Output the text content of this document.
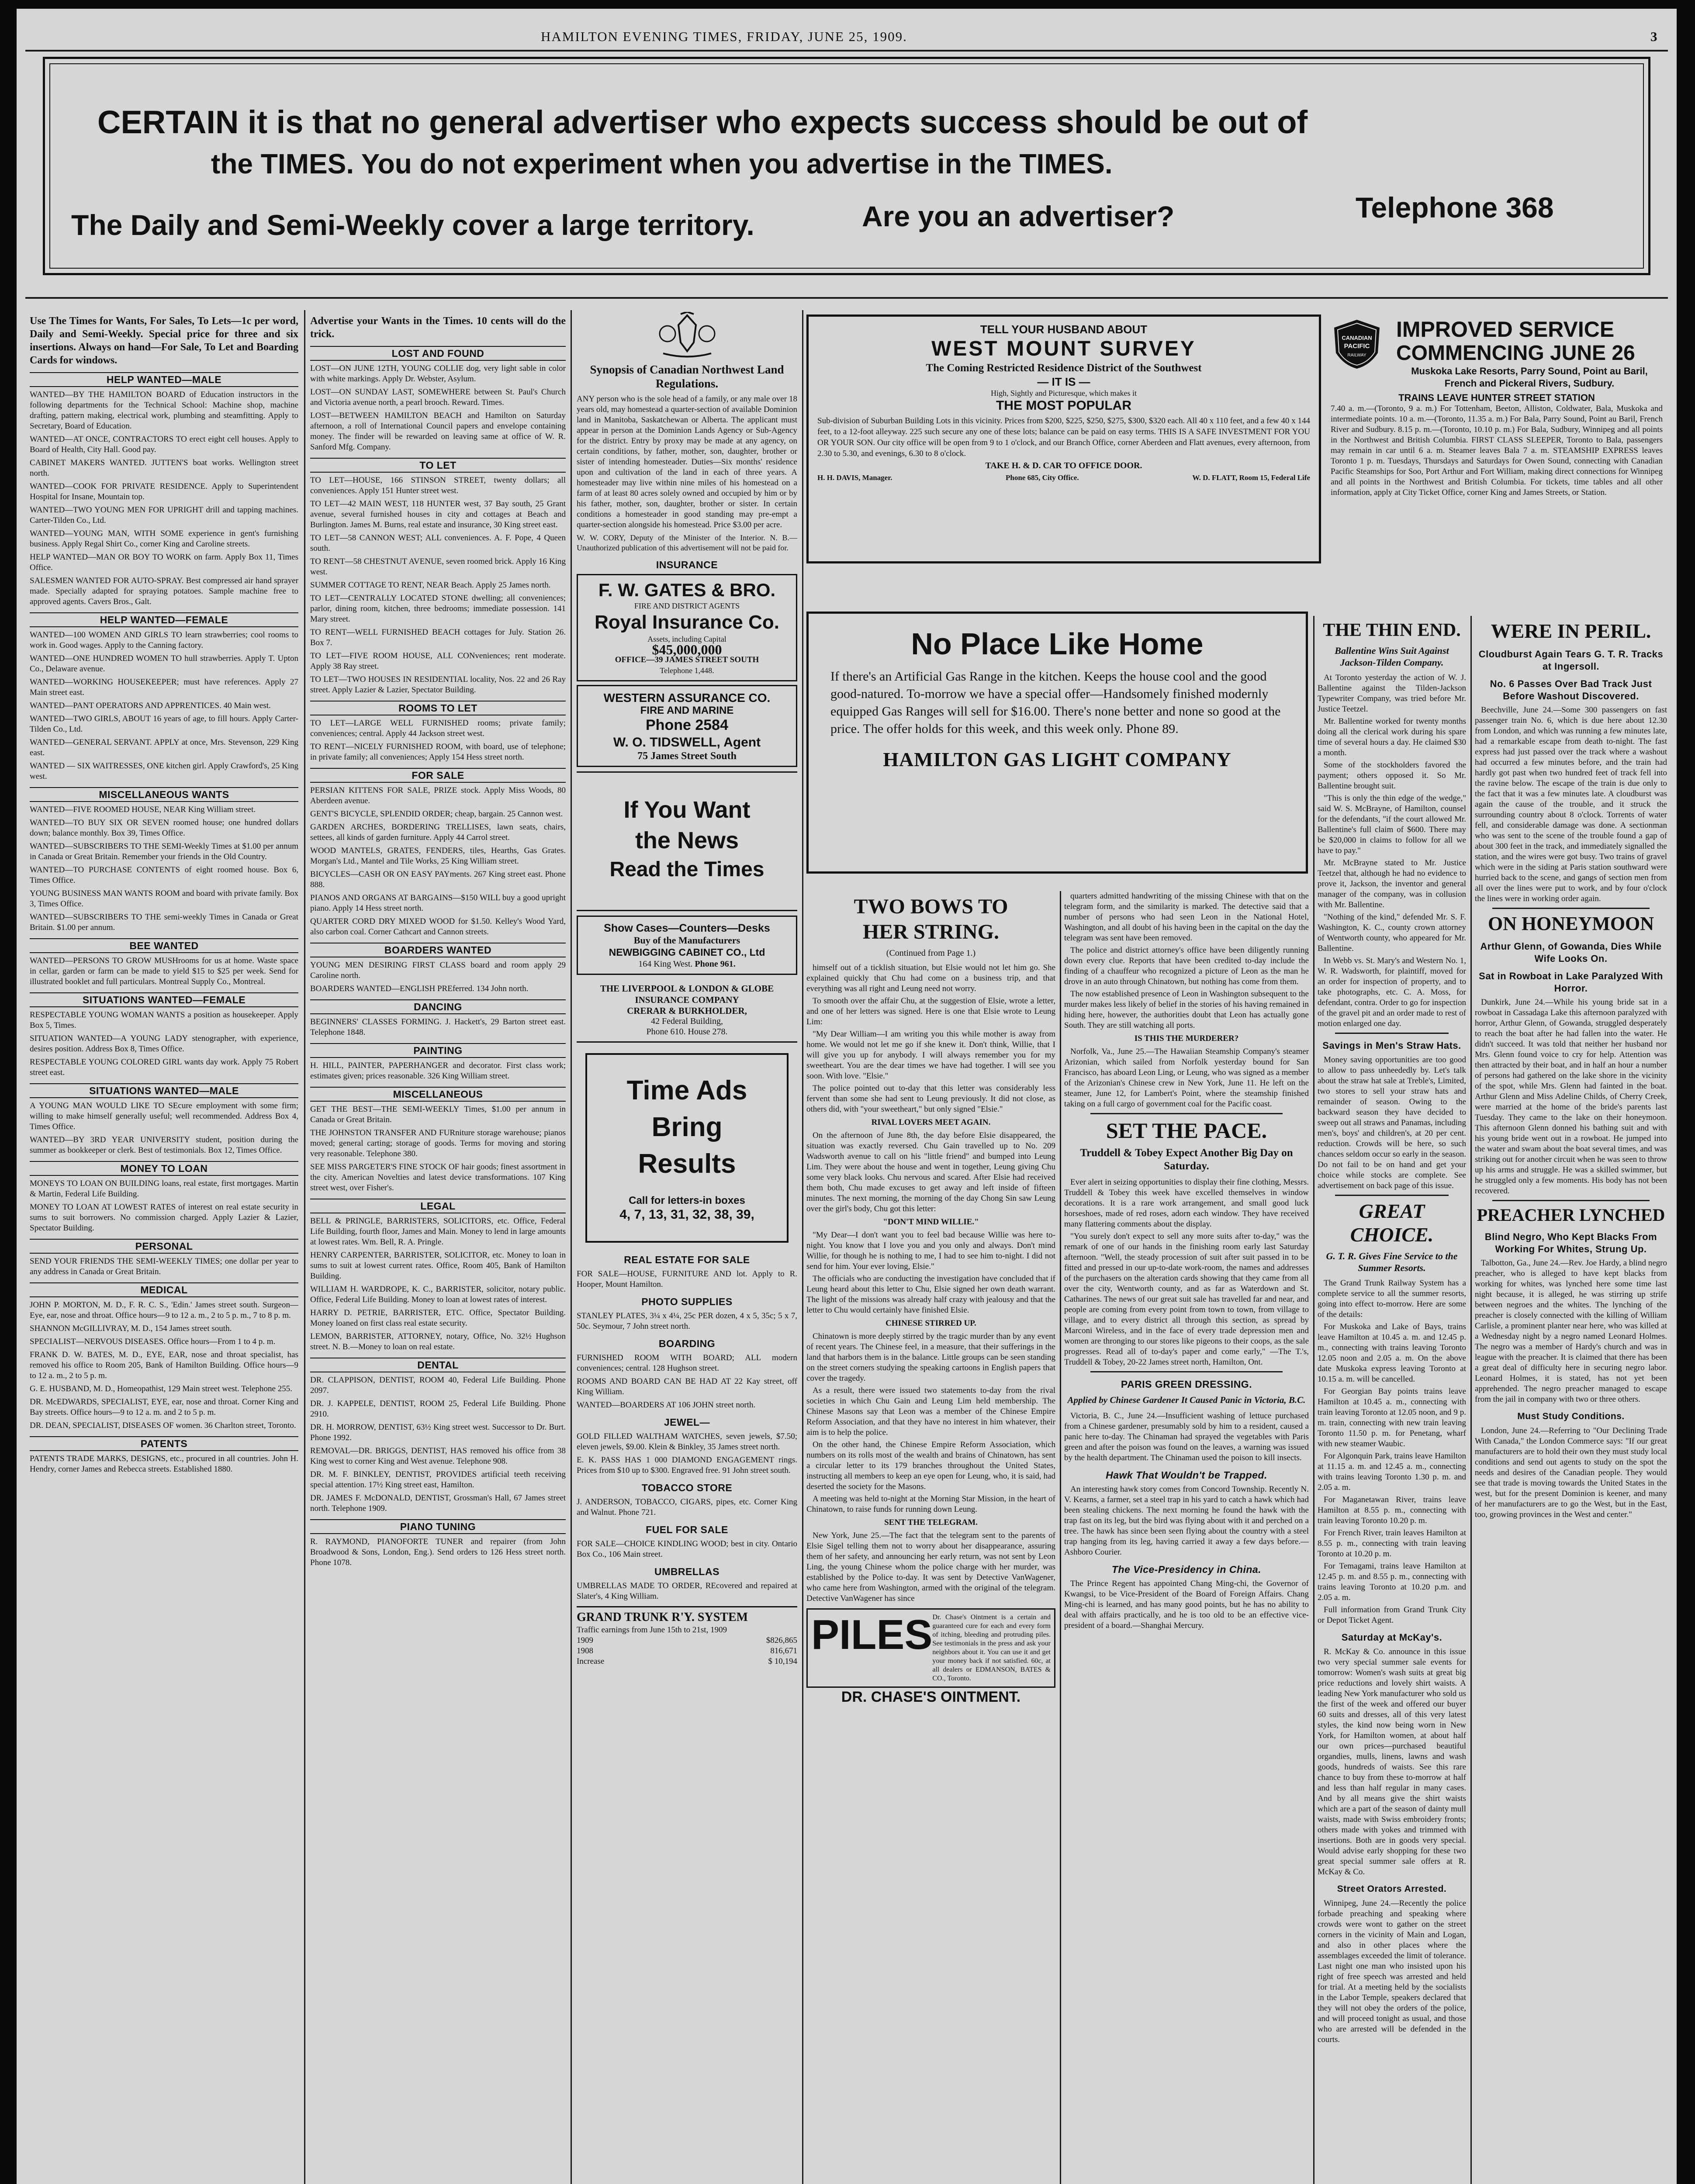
HAMILTON EVENING TIMES, FRIDAY, JUNE 25, 1909.	3
CERTAIN it is that no general advertiser who expects success should be out of
the TIMES. You do not experiment when you advertise in the TIMES.
The Daily and Semi-Weekly cover a large territory.	Are you an advertiser?	Telephone 368
Use The Times for Wants, For Sales, To Lets—1c per word, Daily and Semi-Weekly. Special price for three and six insertions. Always on hand—For Sale, To Let and Boarding Cards for windows.
HELP WANTED—MALE
WANTED—BY THE HAMILTON BOARD of Education instructors in the following departments for the Technical School: Machine shop, machine drafting, pattern making, electrical work, plumbing and steamfitting. Apply to Secretary, Board of Education.
WANTED—AT ONCE, CONTRACTORS TO erect eight cell houses. Apply to Board of Health, City Hall. Good pay.
CABINET MAKERS WANTED. JUTTEN'S boat works. Wellington street north.
WANTED—COOK FOR PRIVATE RESIDENCE. Apply to Superintendent Hospital for Insane, Mountain top.
WANTED—TWO YOUNG MEN FOR UPRIGHT drill and tapping machines. Carter-Tilden Co., Ltd.
WANTED—YOUNG MAN, WITH SOME experience in gent's furnishing business. Apply Regal Shirt Co., corner King and Caroline streets.
HELP WANTED—MAN OR BOY TO WORK on farm. Apply Box 11, Times Office.
SALESMEN WANTED FOR AUTO-SPRAY. Best compressed air hand sprayer made. Specially adapted for spraying potatoes. Sample machine free to approved agents. Cavers Bros., Galt.
HELP WANTED—FEMALE
WANTED—100 WOMEN AND GIRLS TO learn strawberries; cool rooms to work in. Good wages. Apply to the Canning factory.
WANTED—ONE HUNDRED WOMEN TO hull strawberries. Apply T. Upton Co., Delaware avenue.
WANTED—WORKING HOUSEKEEPER; must have references. Apply 27 Main street east.
WANTED—PANT OPERATORS AND APPRENTICES. 40 Main west.
WANTED—TWO GIRLS, ABOUT 16 years of age, to fill hours. Apply Carter-Tilden Co., Ltd.
WANTED—GENERAL SERVANT. APPLY at once, Mrs. Stevenson, 229 King east.
WANTED — SIX WAITRESSES, ONE kitchen girl. Apply Crawford's, 25 King west.
MISCELLANEOUS WANTS
WANTED—FIVE ROOMED HOUSE, NEAR King William street.
WANTED—TO BUY SIX OR SEVEN roomed house; one hundred dollars down; balance monthly. Box 39, Times Office.
WANTED—SUBSCRIBERS TO THE SEMI-Weekly Times at $1.00 per annum in Canada or Great Britain. Remember your friends in the Old Country.
WANTED—TO PURCHASE CONTENTS of eight roomed house. Box 6, Times Office.
YOUNG BUSINESS MAN WANTS ROOM and board with private family. Box 3, Times Office.
WANTED—SUBSCRIBERS TO THE semi-weekly Times in Canada or Great Britain. $1.00 per annum.
BEE WANTED
WANTED—PERSONS TO GROW MUSHrooms for us at home. Waste space in cellar, garden or farm can be made to yield $15 to $25 per week. Send for illustrated booklet and full particulars. Montreal Supply Co., Montreal.
SITUATIONS WANTED—FEMALE
RESPECTABLE YOUNG WOMAN WANTS a position as housekeeper. Apply Box 5, Times.
SITUATION WANTED—A YOUNG LADY stenographer, with experience, desires position. Address Box 8, Times Office.
RESPECTABLE YOUNG COLORED GIRL wants day work. Apply 75 Robert street east.
SITUATIONS WANTED—MALE
A YOUNG MAN WOULD LIKE TO SEcure employment with some firm; willing to make himself generally useful; well recommended. Address Box 4, Times Office.
WANTED—BY 3RD YEAR UNIVERSITY student, position during the summer as bookkeeper or clerk. Best of testimonials. Box 12, Times Office.
MONEY TO LOAN
MONEYS TO LOAN ON BUILDING loans, real estate, first mortgages. Martin & Martin, Federal Life Building.
MONEY TO LOAN AT LOWEST RATES of interest on real estate security in sums to suit borrowers. No commission charged. Apply Lazier & Lazier, Spectator Building.
PERSONAL
SEND YOUR FRIENDS THE SEMI-WEEKLY TIMES; one dollar per year to any address in Canada or Great Britain.
MEDICAL
JOHN P. MORTON, M. D., F. R. C. S., 'Edin.' James street south. Surgeon—Eye, ear, nose and throat. Office hours—9 to 12 a. m., 2 to 5 p. m., 7 to 8 p. m.
SHANNON McGILLIVRAY, M. D., 154 James street south.
SPECIALIST—NERVOUS DISEASES. Office hours—From 1 to 4 p. m.
FRANK D. W. BATES, M. D., EYE, EAR, nose and throat specialist, has removed his office to Room 205, Bank of Hamilton Building. Office hours—9 to 12 a. m., 2 to 5 p. m.
G. E. HUSBAND, M. D., Homeopathist, 129 Main street west. Telephone 255.
DR. McEDWARDS, SPECIALIST, EYE, ear, nose and throat. Corner King and Bay streets. Office hours—9 to 12 a. m. and 2 to 5 p. m.
DR. DEAN, SPECIALIST, DISEASES OF women. 36 Charlton street, Toronto.
PATENTS
PATENTS TRADE MARKS, DESIGNS, etc., procured in all countries. John H. Hendry, corner James and Rebecca streets. Established 1880.
Advertise your Wants in the Times. 10 cents will do the trick.
LOST AND FOUND
LOST—ON JUNE 12TH, YOUNG COLLIE dog, very light sable in color with white markings. Apply Dr. Webster, Asylum.
LOST—ON SUNDAY LAST, SOMEWHERE between St. Paul's Church and Victoria avenue north, a pearl brooch. Reward. Times.
LOST—BETWEEN HAMILTON BEACH and Hamilton on Saturday afternoon, a roll of International Council papers and envelope containing money. The finder will be rewarded on leaving same at office of W. R. Sanford Mfg. Company.
TO LET
TO LET—HOUSE, 166 STINSON STREET, twenty dollars; all conveniences. Apply 151 Hunter street west.
TO LET—42 MAIN WEST, 118 HUNTER west, 37 Bay south, 25 Grant avenue, several furnished houses in city and cottages at Beach and Burlington. James M. Burns, real estate and insurance, 30 King street east.
TO LET—58 CANNON WEST; ALL conveniences. A. F. Pope, 4 Queen south.
TO RENT—58 CHESTNUT AVENUE, seven roomed brick. Apply 16 King west.
SUMMER COTTAGE TO RENT, NEAR Beach. Apply 25 James north.
TO LET—CENTRALLY LOCATED STONE dwelling; all conveniences; parlor, dining room, kitchen, three bedrooms; immediate possession. 141 Mary street.
TO RENT—WELL FURNISHED BEACH cottages for July. Station 26. Box 7.
TO LET—FIVE ROOM HOUSE, ALL CONveniences; rent moderate. Apply 38 Ray street.
TO LET—TWO HOUSES IN RESIDENTIAL locality, Nos. 22 and 26 Ray street. Apply Lazier & Lazier, Spectator Building.
ROOMS TO LET
TO LET—LARGE WELL FURNISHED rooms; private family; conveniences; central. Apply 44 Jackson street west.
TO RENT—NICELY FURNISHED ROOM, with board, use of telephone; in private family; all conveniences; Apply 154 Hess street north.
FOR SALE
PERSIAN KITTENS FOR SALE, PRIZE stock. Apply Miss Woods, 80 Aberdeen avenue.
GENT'S BICYCLE, SPLENDID ORDER; cheap, bargain. 25 Cannon west.
GARDEN ARCHES, BORDERING TRELLISES, lawn seats, chairs, settees, all kinds of garden furniture. Apply 44 Carrol street.
WOOD MANTELS, GRATES, FENDERS, tiles, Hearths, Gas Grates. Morgan's Ltd., Mantel and Tile Works, 25 King William street.
BICYCLES—CASH OR ON EASY PAYments. 267 King street east. Phone 888.
PIANOS AND ORGANS AT BARGAINS—$150 WILL buy a good upright piano. Apply 14 Hess street north.
QUARTER CORD DRY MIXED WOOD for $1.50. Kelley's Wood Yard, also carbon coal. Corner Cathcart and Cannon streets.
BOARDERS WANTED
YOUNG MEN DESIRING FIRST CLASS board and room apply 29 Caroline north.
BOARDERS WANTED—ENGLISH PREferred. 134 John north.
DANCING
BEGINNERS' CLASSES FORMING. J. Hackett's, 29 Barton street east. Telephone 1848.
PAINTING
H. HILL, PAINTER, PAPERHANGER and decorator. First class work; estimates given; prices reasonable. 326 King William street.
MISCELLANEOUS
GET THE BEST—THE SEMI-WEEKLY Times, $1.00 per annum in Canada or Great Britain.
THE JOHNSTON TRANSFER AND FURniture storage warehouse; pianos moved; general carting; storage of goods. Terms for moving and storing very reasonable. Telephone 380.
SEE MISS PARGETER'S FINE STOCK OF hair goods; finest assortment in the city. American Novelties and latest device transformations. 107 King street west, over Fisher's.
LEGAL
BELL & PRINGLE, BARRISTERS, SOLICITORS, etc. Office, Federal Life Building, fourth floor, James and Main. Money to lend in large amounts at lowest rates. Wm. Bell, R. A. Pringle.
HENRY CARPENTER, BARRISTER, SOLICITOR, etc. Money to loan in sums to suit at lowest current rates. Office, Room 405, Bank of Hamilton Building.
WILLIAM H. WARDROPE, K. C., BARRISTER, solicitor, notary public. Office, Federal Life Building. Money to loan at lowest rates of interest.
HARRY D. PETRIE, BARRISTER, ETC. Office, Spectator Building. Money loaned on first class real estate security.
LEMON, BARRISTER, ATTORNEY, notary, Office, No. 32½ Hughson street. N. B.—Money to loan on real estate.
DENTAL
DR. CLAPPISON, DENTIST, ROOM 40, Federal Life Building. Phone 2097.
DR. J. KAPPELE, DENTIST, ROOM 25, Federal Life Building. Phone 2910.
DR. H. MORROW, DENTIST, 63½ King street west. Successor to Dr. Burt. Phone 1992.
REMOVAL—DR. BRIGGS, DENTIST, HAS removed his office from 38 King west to corner King and West avenue. Telephone 908.
DR. M. F. BINKLEY, DENTIST, PROVIDES artificial teeth receiving special attention. 17½ King street east, Hamilton.
DR. JAMES F. McDONALD, DENTIST, Grossman's Hall, 67 James street north. Telephone 1909.
PIANO TUNING
R. RAYMOND, PIANOFORTE TUNER and repairer (from John Broadwood & Sons, London, Eng.). Send orders to 126 Hess street north. Phone 1078.
Synopsis of Canadian Northwest Land Regulations.
ANY person who is the sole head of a family, or any male over 18 years old, may homestead a quarter-section of available Dominion land in Manitoba, Saskatchewan or Alberta. The applicant must appear in person at the Dominion Lands Agency or Sub-Agency for the district. Entry by proxy may be made at any agency, on certain conditions, by father, mother, son, daughter, brother or sister of intending homesteader. Duties—Six months' residence upon and cultivation of the land in each of three years. A homesteader may live within nine miles of his homestead on a farm of at least 80 acres solely owned and occupied by him or by his father, mother, son, daughter, brother or sister. In certain conditions a homesteader in good standing may pre-empt a quarter-section alongside his homestead. Price $3.00 per acre.
W. W. CORY, Deputy of the Minister of the Interior. N. B.—Unauthorized publication of this advertisement will not be paid for.
INSURANCE
F. W. GATES & BRO.
FIRE AND DISTRICT AGENTS
Royal Insurance Co.
Assets, including Capital
$45,000,000
OFFICE—39 JAMES STREET SOUTH
Telephone 1,448.
WESTERN ASSURANCE CO.
FIRE AND MARINE
Phone 2584
W. O. TIDSWELL, Agent
75 James Street South
If You Want
the News
Read the Times
Show Cases—Counters—Desks
Buy of the Manufacturers
NEWBIGGING CABINET CO., Ltd
164 King West. Phone 961.
THE LIVERPOOL & LONDON & GLOBE INSURANCE COMPANY
CRERAR & BURKHOLDER,
42 Federal Building,
Phone 610. House 278.
Time Ads
Bring
Results
Call for letters-in boxes
4, 7, 13, 31, 32, 38, 39,
REAL ESTATE FOR SALE
FOR SALE—HOUSE, FURNITURE AND lot. Apply to R. Hooper, Mount Hamilton.
PHOTO SUPPLIES
STANLEY PLATES, 3¼ x 4¼, 25c PER dozen, 4 x 5, 35c; 5 x 7, 50c. Seymour, 7 John street north.
BOARDING
FURNISHED ROOM WITH BOARD; ALL modern conveniences; central. 128 Hughson street.
ROOMS AND BOARD CAN BE HAD AT 22 Kay street, off King William.
WANTED—BOARDERS AT 106 JOHN street north.
JEWEL—
GOLD FILLED WALTHAM WATCHES, seven jewels, $7.50; eleven jewels, $9.00. Klein & Binkley, 35 James street north.
E. K. PASS HAS 1 000 DIAMOND ENGAGEMENT rings. Prices from $10 up to $300. Engraved free. 91 John street south.
TOBACCO STORE
J. ANDERSON, TOBACCO, CIGARS, pipes, etc. Corner King and Walnut. Phone 721.
FUEL FOR SALE
FOR SALE—CHOICE KINDLING WOOD; best in city. Ontario Box Co., 106 Main street.
UMBRELLAS
UMBRELLAS MADE TO ORDER, REcovered and repaired at Slater's, 4 King William.
GRAND TRUNK R'Y. SYSTEM
Traffic earnings from June 15th to 21st, 1909
1909	$826,865
1908	816,671
Increase	$ 10,194
TELL YOUR HUSBAND ABOUT
WEST MOUNT SURVEY
The Coming Restricted Residence District of the Southwest
— IT IS —
High, Sightly and Picturesque, which makes it
THE MOST POPULAR
Sub-division of Suburban Building Lots in this vicinity. Prices from $200, $225, $250, $275, $300, $320 each. All 40 x 110 feet, and a few 40 x 144 feet, to a 12-foot alleyway. 225 such secure any one of these lots; balance can be paid on easy terms. THIS IS A SAFE INVESTMENT FOR YOU OR YOUR SON. Our city office will be open from 9 to 1 o'clock, and our Branch Office, corner Aberdeen and Flatt avenues, every afternoon, from 2.30 to 5.30, and evenings, 6.30 to 8 o'clock.
TAKE H. & D. CAR TO OFFICE DOOR.
H. H. DAVIS, Manager.	Phone 685, City Office.	W. D. FLATT, Room 15, Federal Life
CANADIAN
PACIFIC
RAILWAY
IMPROVED SERVICE
COMMENCING JUNE 26
Muskoka Lake Resorts, Parry Sound, Point au Baril, French and Pickeral Rivers, Sudbury.
TRAINS LEAVE HUNTER STREET STATION
7.40 a. m.—(Toronto, 9 a. m.) For Tottenham, Beeton, Alliston, Coldwater, Bala, Muskoka and intermediate points. 10 a. m.—(Toronto, 11.35 a. m.) For Bala, Parry Sound, Point au Baril, French River and Sudbury. 8.15 p. m.—(Toronto, 10.10 p. m.) For Bala, Sudbury, Winnipeg and all points in the Northwest and British Columbia. FIRST CLASS SLEEPER, Toronto to Bala, passengers may remain in car until 6 a. m. Steamer leaves Bala 7 a. m. STEAMSHIP EXPRESS leaves Toronto 1 p. m. Tuesdays, Thursdays and Saturdays for Owen Sound, connecting with Canadian Pacific Steamships for Soo, Port Arthur and Fort William, making direct connections for Winnipeg and all points in the Northwest and British Columbia. For tickets, time tables and all other information, apply at City Ticket Office, corner King and James Streets, or Station.
No Place Like Home
If there's an Artificial Gas Range in the kitchen. Keeps the house cool and the good good-natured. To-morrow we have a special offer—Handsomely finished modernly equipped Gas Ranges will sell for $16.00. There's none better and none so good at the price. The offer holds for this week, and this week only. Phone 89.
HAMILTON GAS LIGHT COMPANY
TWO BOWS TO
HER STRING.
(Continued from Page 1.)

himself out of a ticklish situation, but Elsie would not let him go. She explained quickly that Chu had come on a business trip, and that everything was all right and Leung need not worry.

To smooth over the affair Chu, at the suggestion of Elsie, wrote a letter, and one of her letters was signed. Here is one that Elsie wrote to Leung Lim:

"My Dear William—I am writing you this while mother is away from home. We would not let me go if she knew it. Don't think, Willie, that I will give you up for anybody. I will always remember you for my sweetheart. You are the dear times we have had together. I will see you soon. With love. "Elsie."

The police pointed out to-day that this letter was considerably less fervent than some she had sent to Leung previously. It did not close, as others did, with "your sweetheart," but only signed "Elsie."

RIVAL LOVERS MEET AGAIN.

On the afternoon of June 8th, the day before Elsie disappeared, the situation was exactly reversed. Chu Gain travelled up to No. 209 Wadsworth avenue to call on his "little friend" and bumped into Leung Lim. They were about the house and went in together, Leung giving Chu some very black looks. Chu nervous and scared. After Elsie had received them both, Chu made excuses to get away and left inside of fifteen minutes. The next morning, the morning of the day Chong Sin saw Leung over the girl's body, Chu got this letter:

"DON'T MIND WILLIE."

"My Dear—I don't want you to feel bad because Willie was here to-night. You know that I love you and you only and always. Don't mind Willie, for though he is nothing to me, I had to see him to-night. I did not send for him. Your ever loving, Elsie."

The officials who are conducting the investigation have concluded that if Leung heard about this letter to Chu, Elsie signed her own death warrant. The light of the missions was already half crazy with jealousy and that the letter to Chu would certainly have finished Elsie.

CHINESE STIRRED UP.

Chinatown is more deeply stirred by the tragic murder than by any event of recent years. The Chinese feel, in a measure, that their sufferings in the land that harbors them is in the balance. Little groups can be seen standing on the street corners studying the speaking cartoons in English papers that cover the tragedy.

As a result, there were issued two statements to-day from the rival societies in which Chu Gain and Leung Lim held membership. The Chinese Masons say that Leon was a member of the Chinese Empire Reform Association, and that they have no interest in him whatever, their aim is to help the police.

On the other hand, the Chinese Empire Reform Association, which numbers on its rolls most of the wealth and brains of Chinatown, has sent a circular letter to its 179 branches throughout the United States, instructing all members to keep an eye open for Leung, who, it is said, had deserted the society for the Masons.

A meeting was held to-night at the Morning Star Mission, in the heart of Chinatown, to raise funds for running down Leung.

SENT THE TELEGRAM.

New York, June 25.—The fact that the telegram sent to the parents of Elsie Sigel telling them not to worry about her disappearance, assuring them of her safety, and announcing her early return, was not sent by Leon Ling, the young Chinese whom the police charge with her murder, was established by the Police to-day. It was sent by Detective VanWagener, who came here from Washington, armed with the original of the telegram. Detective VanWagener has since

PILES Dr. Chase's Ointment is a certain and guaranteed cure for each and every form of itching, bleeding and protruding piles. See testimonials in the press and ask your neighbors about it. You can use it and get your money back if not satisfied. 60c, at all dealers or EDMANSON, BATES & CO., Toronto.
DR. CHASE'S OINTMENT.

quarters admitted handwriting of the missing Chinese with that on the telegram form, and the similarity is marked. The detective said that a number of persons who had seen Leon in the National Hotel, Washington, and all doubt of his having been in the capital on the day the telegram was sent have been removed.

The police and district attorney's office have been diligently running down every clue. Reports that have been credited to-day include the finding of a chauffeur who recognized a picture of Leon as the man he drove in an auto through Chinatown, but nothing has come from them.

The now established presence of Leon in Washington subsequent to the murder makes less likely of belief in the stories of his having remained in hiding here, however, the authorities doubt that Leon has actually gone South. They are still watching all ports.

IS THIS THE MURDERER?

Norfolk, Va., June 25.—The Hawaiian Steamship Company's steamer Arizonian, which sailed from Norfolk yesterday bound for San Francisco, has aboard Leon Ling, or Leung, who was signed as a member of the Arizonian's Chinese crew in New York, June 11. He left on the steamer, June 12, for Lambert's Point, where the steamship finished taking on a full cargo of government coal for the Pacific coast.

SET THE PACE.
Truddell & Tobey Expect Another Big Day on Saturday.

Ever alert in seizing opportunities to display their fine clothing, Messrs. Truddell & Tobey this week have excelled themselves in window decorations. It is a rare work arrangement, and small good luck horseshoes, made of red roses, adorn each window. They have received many flattering comments about the display.

"You surely don't expect to sell any more suits after to-day," was the remark of one of our hands in the finishing room early last Saturday afternoon. "Well, the steady procession of suit after suit passed in to be fitted and pressed in our up-to-date work-room, the names and addresses of the purchasers on the alteration cards showing that they came from all over the city, Wentworth county, and as far as Waterdown and St. Catharines. The news of our great suit sale has travelled far and near, and people are coming from every point from town to town, from village to village, and to every district all through this section, as spread by Marconi Wireless, and in the face of every trade depression men and women are thronging to our stores like pigeons to their coops, as the sale progresses. Read all of to-day's paper and come early," —The T.'s, Truddell & Tobey, 20-22 James street north, Hamilton, Ont.

PARIS GREEN DRESSING.
Applied by Chinese Gardener It Caused Panic in Victoria, B.C.

Victoria, B. C., June 24.—Insufficient washing of lettuce purchased from a Chinese gardener, presumably sold by him to a resident, caused a panic here to-day. The Chinaman had sprayed the vegetables with Paris green and after the poison was found on the leaves, a warning was issued by the health department. The Chinaman used the poison to kill insects.

Hawk That Wouldn't be Trapped.

An interesting hawk story comes from Concord Township. Recently N. V. Kearns, a farmer, set a steel trap in his yard to catch a hawk which had been stealing chickens. The next morning he found the hawk with the trap fast on its leg, but the bird was flying about with it and perched on a tree. The hawk has since been seen flying about the country with a steel trap hanging from its leg, having carried it away a few days before.—Ashboro Courier.

The Vice-Presidency in China.

The Prince Regent has appointed Chang Ming-chi, the Governor of Kwangsi, to be Vice-President of the Board of Foreign Affairs. Chang Ming-chi is learned, and has many good points, but he has no ability to deal with affairs practically, and he is too old to be an effective vice-president of a board.—Shanghai Mercury.

THE THIN END.
Ballentine Wins Suit Against Jackson-Tilden Company.

At Toronto yesterday the action of W. J. Ballentine against the Tilden-Jackson Typewriter Company, was tried before Mr. Justice Teetzel.

Mr. Ballentine worked for twenty months doing all the clerical work during his spare time of several hours a day. He claimed $30 a month.

Some of the stockholders favored the payment; others opposed it. So Mr. Ballentine brought suit.

"This is only the thin edge of the wedge," said W. S. McBrayne, of Hamilton, counsel for the defendants, "if the court allowed Mr. Ballentine's full claim of $600. There may be $20,000 in claims to follow for all we have to pay."

Mr. McBrayne stated to Mr. Justice Teetzel that, although he had no evidence to prove it, Jackson, the inventor and general manager of the company, was in collusion with Mr. Ballentine.

"Nothing of the kind," defended Mr. S. F. Washington, K. C., county crown attorney of Wentworth county, who appeared for Mr. Ballentine.

In Webb vs. St. Mary's and Western No. 1, W. R. Wadsworth, for plaintiff, moved for an order for inspection of property, and to take photographs, etc. C. A. Moss, for defendant, contra. Order to go for inspection of the gravel pit and an order made to rest of motion enlarged one day.

Savings in Men's Straw Hats.

Money saving opportunities are too good to allow to pass unheededly by. Let's talk about the straw hat sale at Treble's, Limited, two stores to sell your straw hats and remainder of season. Owing to the backward season they have decided to sweep out all straws and Panamas, including men's, boys' and children's, at 20 per cent. reduction. Crowds will be here, so such chances seldom occur so early in the season. Do not fail to be on hand and get your choice while stocks are complete. See advertisement on back page of this issue.

GREAT CHOICE.
G. T. R. Gives Fine Service to the Summer Resorts.

The Grand Trunk Railway System has a complete service to all the summer resorts, going into effect to-morrow. Here are some of the details:

For Muskoka and Lake of Bays, trains leave Hamilton at 10.45 a. m. and 12.45 p. m., connecting with trains leaving Toronto 12.05 noon and 2.05 a. m. On the above date Muskoka express leaving Toronto at 10.15 a. m. will be cancelled.

For Georgian Bay points trains leave Hamilton at 10.45 a. m., connecting with train leaving Toronto at 12.05 noon, and 9 p. m. train, connecting with new train leaving Toronto 11.50 p. m. for Penetang, wharf with new steamer Waubic.

For Algonquin Park, trains leave Hamilton at 11.15 a. m. and 12.45 a. m., connecting with trains leaving Toronto 1.30 p. m. and 2.05 a. m.

For Maganetawan River, trains leave Hamilton at 8.55 p. m., connecting with train leaving Toronto 10.20 p. m.

For French River, train leaves Hamilton at 8.55 p. m., connecting with train leaving Toronto at 10.20 p. m.

For Temagami, trains leave Hamilton at 12.45 p. m. and 8.55 p. m., connecting with trains leaving Toronto at 10.20 p.m. and 2.05 a. m.

Full information from Grand Trunk City or Depot Ticket Agent.

Saturday at McKay's.

R. McKay & Co. announce in this issue two very special summer sale events for tomorrow: Women's wash suits at great big price reductions and lovely shirt waists. A leading New York manufacturer who sold us the first of the week and offered our buyer 60 suits and dresses, all of this very latest styles, the kind now being worn in New York, for Hamilton women, at about half our own prices—purchased beautiful organdies, mulls, linens, lawns and wash goods, hundreds of waists. See this rare chance to buy from these to-morrow at half and less than half regular in many cases. And by all means give the shirt waists which are a part of the season of dainty mull waists, made with Swiss embroidery fronts; others made with yokes and trimmed with insertions. Both are in goods very special. Would advise early shopping for these two great special summer sale offers at R. McKay & Co.

Street Orators Arrested.

Winnipeg, June 24.—Recently the police forbade preaching and speaking where crowds were wont to gather on the street corners in the vicinity of Main and Logan, and also in other places where the assemblages exceeded the limit of tolerance. Last night one man who insisted upon his right of free speech was arrested and held for trial. At a meeting held by the socialists in the Labor Temple, speakers declared that they will not obey the orders of the police, and will proceed tonight as usual, and those who are arrested will be defended in the courts.

WERE IN PERIL.
Cloudburst Again Tears G. T. R. Tracks at Ingersoll.
No. 6 Passes Over Bad Track Just Before Washout Discovered.

Beechville, June 24.—Some 300 passengers on fast passenger train No. 6, which is due here about 12.30 from London, and which was running a few minutes late, had a remarkable escape from death to-night. The fast express had just passed over the track where a washout had occurred a few minutes before, and the train had hardly got past when two hundred feet of track fell into the ravine below. The escape of the train is due only to the fact that it was a few minutes late. A cloudburst was again the cause of the trouble, and it struck the surrounding country about 8 o'clock. Torrents of water fell, and considerable damage was done. A sectionman who was sent to the scene of the trouble found a gap of about 300 feet in the track, and immediately signalled the station, and the wires were got busy. Two trains of gravel which were in the siding at Paris station southward were hurried back to the scene, and gangs of section men from all over the lines were put to work, and by four o'clock the lines were in working order again.

ON HONEYMOON
Arthur Glenn, of Gowanda, Dies While Wife Looks On.
Sat in Rowboat in Lake Paralyzed With Horror.

Dunkirk, June 24.—While his young bride sat in a rowboat in Cassadaga Lake this afternoon paralyzed with horror, Arthur Glenn, of Gowanda, struggled desperately to reach the boat after he had fallen into the water. He didn't succeed. It was told that neither her husband nor Mrs. Glenn found voice to cry for help. Attention was then attracted by their boat, and in half an hour a number of persons had gathered on the lake shore in the vicinity of the spot, while Mrs. Glenn had fainted in the boat. Arthur Glenn and Miss Adeline Childs, of Cherry Creek, were married at the home of the bride's parents last Tuesday. They came to the lake on their honeymoon. This afternoon Glenn donned his bathing suit and with his young bride went out in a rowboat. He jumped into the water and swam about the boat several times, and was striking out for another circuit when he was seen to throw up his arms and struggle. He was a skilled swimmer, but he struggled only a few moments. His body has not been recovered.

PREACHER LYNCHED
Blind Negro, Who Kept Blacks From Working For Whites, Strung Up.

Talbotton, Ga., June 24.—Rev. Joe Hardy, a blind negro preacher, who is alleged to have kept blacks from working for whites, was lynched here some time last night because, it is alleged, he was stirring up strife between negroes and the whites. The lynching of the preacher is closely connected with the killing of William Carlisle, a prominent planter near here, who was killed at a Wednesday night by a negro named Leonard Holmes. The negro was a member of Hardy's church and was in league with the preacher. It is claimed that there has been a great deal of difficulty here in securing negro labor. Leonard Holmes, it is stated, has not yet been apprehended. The negro preacher managed to escape from the jail in company with two or three others.

Must Study Conditions.

London, June 24.—Referring to "Our Declining Trade With Canada," the London Commerce says: "If our great manufacturers are to hold their own they must study local conditions and send out agents to study on the spot the needs and desires of the Canadian people. They would see that trade is moving towards the United States in the west, but for the present Dominion is keener, and many of her manufacturers are to go the West, but in the East, too, growing provinces in the West and center."
